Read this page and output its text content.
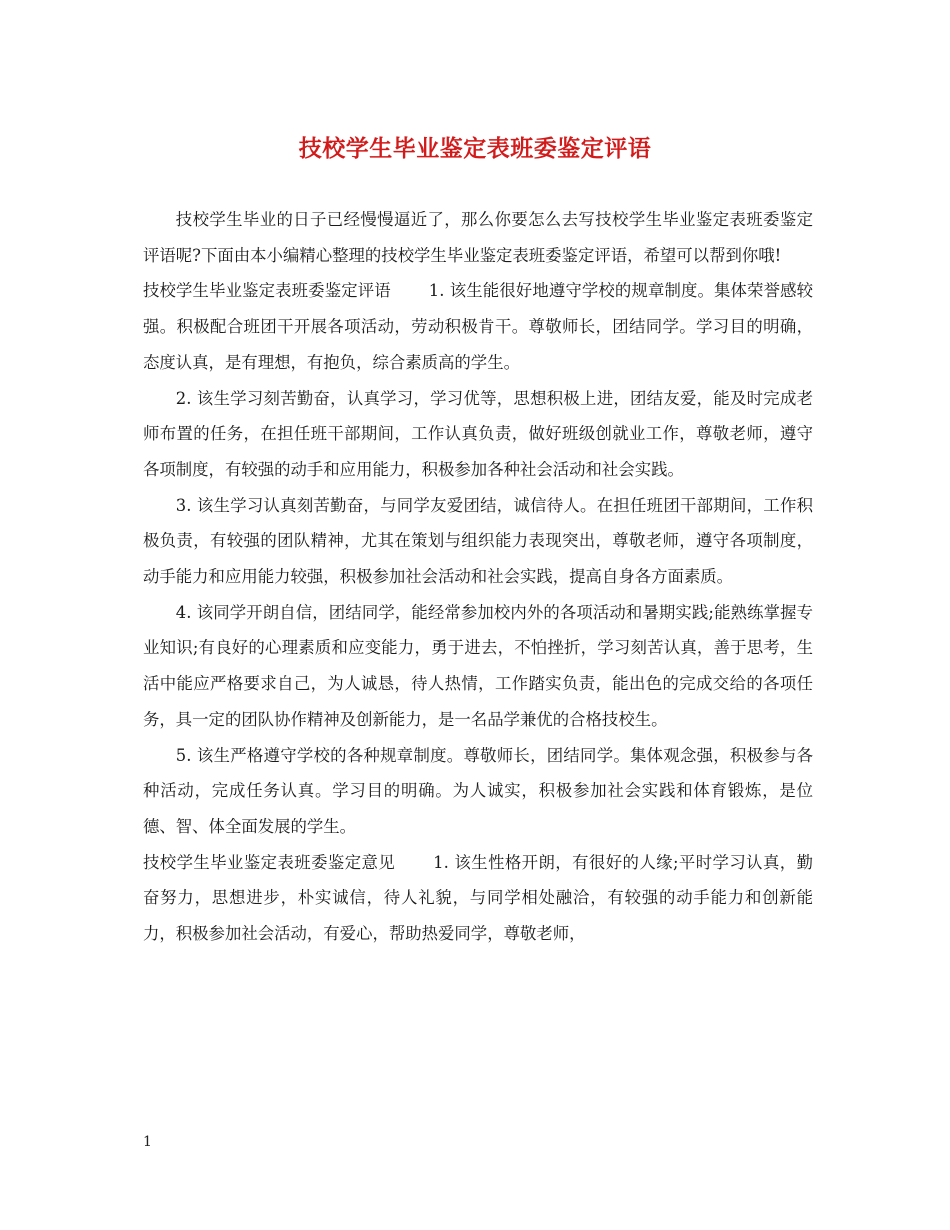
技校学生毕业鉴定表班委鉴定评语

技校学生毕业的日子已经慢慢逼近了，那么你要怎么去写技校学生毕业鉴定表班委鉴定评语呢?下面由本小编精心整理的技校学生毕业鉴定表班委鉴定评语，希望可以帮到你哦!

技校学生毕业鉴定表班委鉴定评语 1. 该生能很好地遵守学校的规章制度。集体荣誉感较强。积极配合班团干开展各项活动，劳动积极肯干。尊敬师长，团结同学。学习目的明确，态度认真，是有理想，有抱负，综合素质高的学生。

2. 该生学习刻苦勤奋，认真学习，学习优等，思想积极上进，团结友爱，能及时完成老师布置的任务，在担任班干部期间，工作认真负责，做好班级创就业工作，尊敬老师，遵守各项制度，有较强的动手和应用能力，积极参加各种社会活动和社会实践。

3. 该生学习认真刻苦勤奋，与同学友爱团结，诚信待人。在担任班团干部期间，工作积极负责，有较强的团队精神，尤其在策划与组织能力表现突出，尊敬老师，遵守各项制度，动手能力和应用能力较强，积极参加社会活动和社会实践，提高自身各方面素质。

4. 该同学开朗自信，团结同学，能经常参加校内外的各项活动和暑期实践;能熟练掌握专业知识;有良好的心理素质和应变能力，勇于进去，不怕挫折，学习刻苦认真，善于思考，生活中能应严格要求自己，为人诚恳，待人热情，工作踏实负责，能出色的完成交给的各项任务，具一定的团队协作精神及创新能力，是一名品学兼优的合格技校生。

5. 该生严格遵守学校的各种规章制度。尊敬师长，团结同学。集体观念强，积极参与各种活动，完成任务认真。学习目的明确。为人诚实，积极参加社会实践和体育锻炼，是位德、智、体全面发展的学生。

技校学生毕业鉴定表班委鉴定意见 1. 该生性格开朗，有很好的人缘;平时学习认真，勤奋努力，思想进步，朴实诚信，待人礼貌，与同学相处融洽，有较强的动手能力和创新能力，积极参加社会活动，有爱心，帮助热爱同学，尊敬老师，

1
